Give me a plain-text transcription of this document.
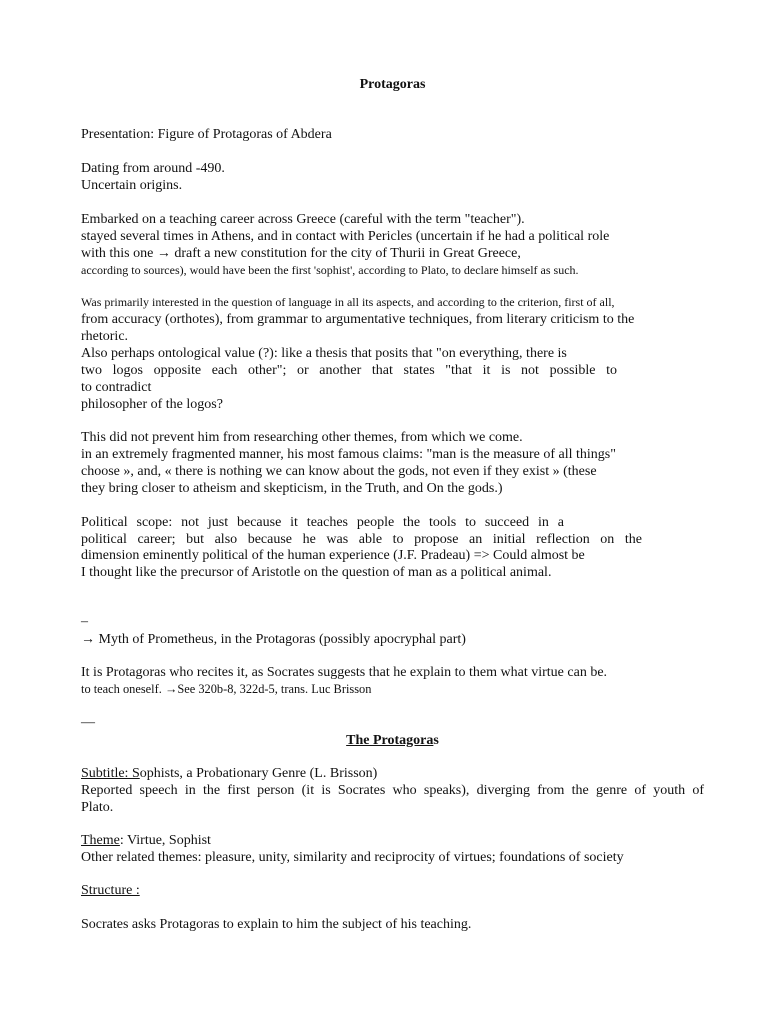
Protagoras
Presentation: Figure of Protagoras of Abdera
Dating from around -490.
Uncertain origins.
Embarked on a teaching career across Greece (careful with the term "teacher").
stayed several times in Athens, and in contact with Pericles (uncertain if he had a political role
with this one → draft a new constitution for the city of Thurii in Great Greece,
according to sources), would have been the first 'sophist', according to Plato, to declare himself as such.
Was primarily interested in the question of language in all its aspects, and according to the criterion, first of all,
from accuracy (orthotes), from grammar to argumentative techniques, from literary criticism to the
rhetoric.
Also perhaps ontological value (?): like a thesis that posits that "on everything, there is
two logos opposite each other"; or another that states "that it is not possible to
to contradict
philosopher of the logos?
This did not prevent him from researching other themes, from which we come.
in an extremely fragmented manner, his most famous claims: "man is the measure of all things"
choose », and, « there is nothing we can know about the gods, not even if they exist » (these
they bring closer to atheism and skepticism, in the Truth, and On the gods.)
Political scope: not just because it teaches people the tools to succeed in a
political career; but also because he was able to propose an initial reflection on the
dimension eminently political of the human experience (J.F. Pradeau) => Could almost be
I thought like the precursor of Aristotle on the question of man as a political animal.
–
→ Myth of Prometheus, in the Protagoras (possibly apocryphal part)
It is Protagoras who recites it, as Socrates suggests that he explain to them what virtue can be.
to teach oneself. →See 320b-8, 322d-5, trans. Luc Brisson
—
The Protagoras
Subtitle: Sophists, a Probationary Genre (L. Brisson)
Reported speech in the first person (it is Socrates who speaks), diverging from the genre of youth of
Plato.
Theme: Virtue, Sophist
Other related themes: pleasure, unity, similarity and reciprocity of virtues; foundations of society
Structure :
Socrates asks Protagoras to explain to him the subject of his teaching.
